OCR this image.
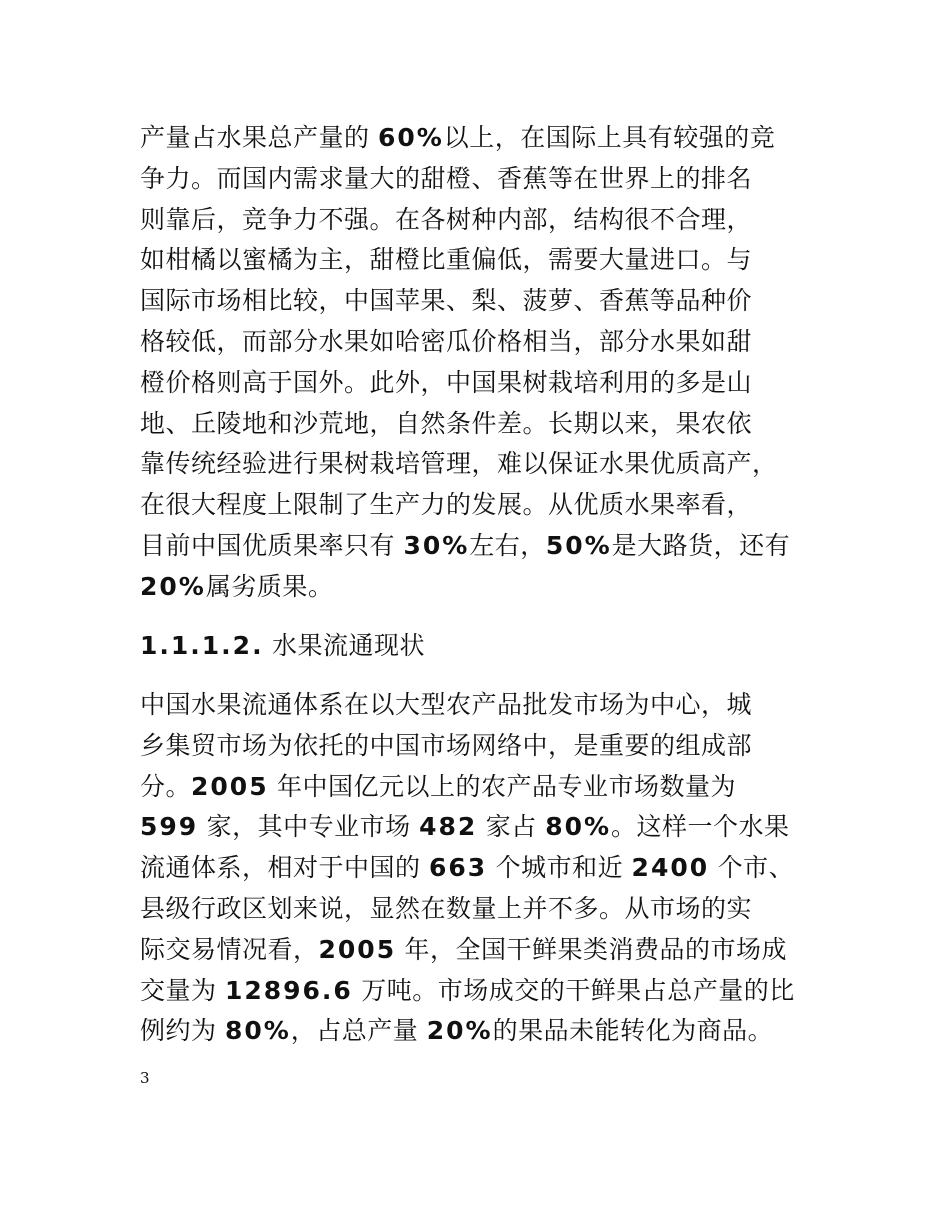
产量占水果总产量的 60%以上，在国际上具有较强的竞
争力。而国内需求量大的甜橙、香蕉等在世界上的排名
则靠后，竞争力不强。在各树种内部，结构很不合理，
如柑橘以蜜橘为主，甜橙比重偏低，需要大量进口。与
国际市场相比较，中国苹果、梨、菠萝、香蕉等品种价
格较低，而部分水果如哈密瓜价格相当，部分水果如甜
橙价格则高于国外。此外，中国果树栽培利用的多是山
地、丘陵地和沙荒地，自然条件差。长期以来，果农依
靠传统经验进行果树栽培管理，难以保证水果优质高产，
在很大程度上限制了生产力的发展。从优质水果率看，
目前中国优质果率只有 30%左右，50%是大路货，还有
20%属劣质果。

1.1.1.2. 水果流通现状

中国水果流通体系在以大型农产品批发市场为中心，城
乡集贸市场为依托的中国市场网络中，是重要的组成部
分。2005 年中国亿元以上的农产品专业市场数量为
599 家，其中专业市场 482 家占 80%。这样一个水果
流通体系，相对于中国的 663 个城市和近 2400 个市、
县级行政区划来说，显然在数量上并不多。从市场的实
际交易情况看，2005 年，全国干鲜果类消费品的市场成
交量为 12896.6 万吨。市场成交的干鲜果占总产量的比
例约为 80%，占总产量 20%的果品未能转化为商品。

3
